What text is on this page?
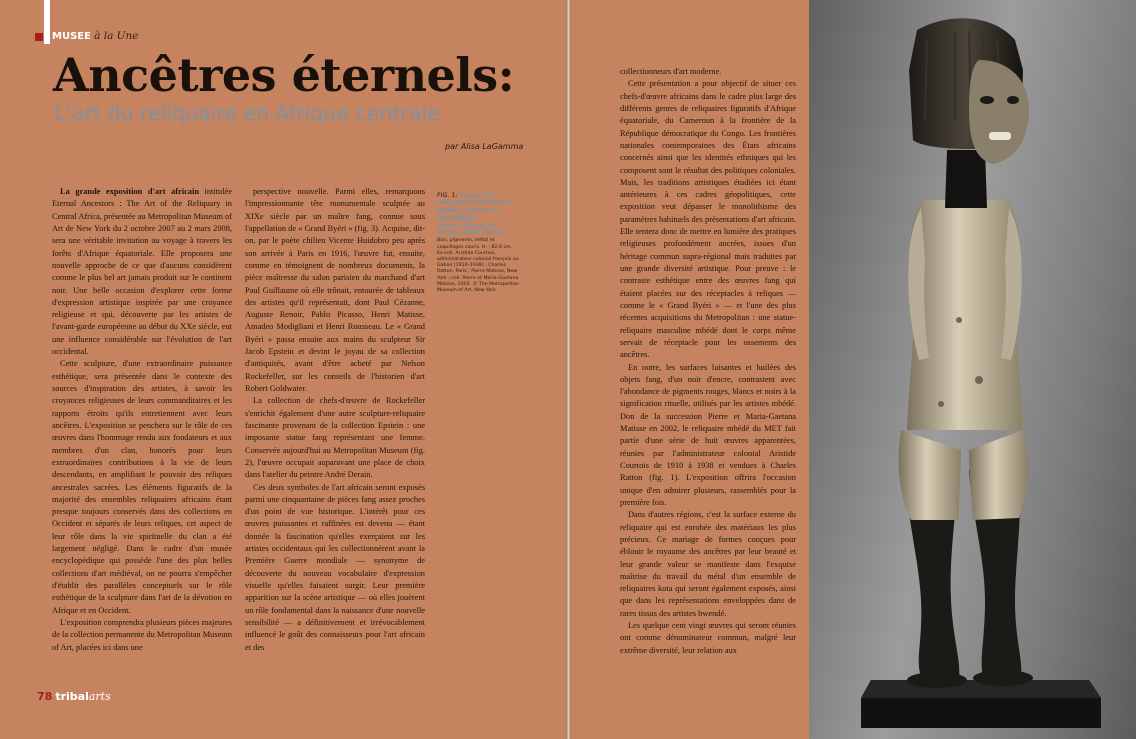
MUSEE à la Une
Ancêtres éternels:
L'art du reliquaire en Afrique centrale
par Alisa LaGamma

La grande exposition d'art africain intitulée Eternal Ancestors : The Art of the Reliquary in Central Africa, présentée au Metropolitan Museum of Art de New York du 2 octobre 2007 au 2 mars 2008, sera une véritable invitation au voyage à travers les forêts d'Afrique équatoriale. Elle proposera une nouvelle approche de ce que d'aucuns considèrent comme le plus bel art jamais produit sur le continent noir. Une belle occasion d'explorer cette forme d'expression artistique inspirée par une croyance religieuse et qui, découverte par les artistes de l'avant-garde européenne au début du XXe siècle, eut une influence considérable sur l'évolution de l'art occidental.

Cette sculpture, d'une extraordinaire puissance esthétique, sera présentée dans le contexte des sources d'inspiration des artistes, à savoir les croyances religieuses de leurs commanditaires et les rapports étroits qu'ils entretiennent avec leurs ancêtres. L'exposition se penchera sur le rôle de ces œuvres dans l'hommage rendu aux fondateurs et aux membres d'un clan, honorés pour leurs extraordinaires contributions à la vie de leurs descendants, en amplifiant le pouvoir des reliques ancestrales sacrées. Les éléments figuratifs de la majorité des ensembles reliquaires africains étant presque toujours conservés dans des collections en Occident et séparés de leurs reliques, cet aspect de leur rôle dans la vie spirituelle du clan a été largement négligé. Dans le cadre d'un musée encyclopédique qui possède l'une des plus belles collections d'art médiéval, on ne pourra s'empêcher d'établir des parallèles conceptuels sur le rôle esthétique de la sculpture dans l'art de la dévotion en Afrique et en Occident.

L'exposition comprendra plusieurs pièces majeures de la collection permanente du Metropolitan Museum of Art, placées ici dans une

perspective nouvelle. Parmi elles, remarquons l'impressionnante tête monumentale sculptée au XIXe siècle par un maître fang, connue sous l'appellation de « Grand Byéri » (fig. 3). Acquise, dit-on, par le poète chilien Vicente Huidobro peu après son arrivée à Paris en 1916, l'œuvre fut, ensuite, comme en témoignent de nombreux documents, la pièce maîtresse du salon parisien du marchand d'art Paul Guillaume où elle trônait, entourée de tableaux des artistes qu'il représentait, dont Paul Cézanne, Auguste Renoir, Pablo Picasso, Henri Matisse, Amadeo Modigliani et Henri Rousseau. Le « Grand Byéri » passa ensuite aux mains du sculpteur Sir Jacob Epstein et devint le joyau de sa collection d'antiquités, avant d'être acheté par Nelson Rockefeller, sur les conseils de l'historien d'art Robert Goldwater.

La collection de chefs-d'œuvre de Rockefeller s'enrichit également d'une autre sculpture-reliquaire fascinante provenant de la collection Epstein : une imposante statue fang représentant une femme. Conservée aujourd'hui au Metropolitan Museum (fig. 2), l'œuvre occupait auparavant une place de choix dans l'atelier du peintre André Derain.

Ces deux symboles de l'art africain seront exposés parmi une cinquantaine de pièces fang assez proches d'un point de vue historique. L'intérêt pour ces œuvres puissantes et raffinées est devenu — étant donnée la fascination qu'elles exerçaient sur les artistes occidentaux qui les collectionnèrent avant la Première Guerre mondiale — synonyme de découverte du nouveau vocabulaire d'expression visuelle qu'elles faisaient surgir. Leur première apparition sur la scène artistique — où elles jouèrent un rôle fondamental dans la naissance d'une nouvelle sensibilité — a définitivement et irrévocablement influencé le goût des connaisseurs pour l'art africain et des

FIG. 1: Figure de reliquaire masculine. Mbédé, Gabon ou République démocratique du Congo, XIXe siècle.
Bois, pigments, métal et coquillages cauris. H. : 82,6 cm. Ex-coll. Aristide Courtois, administrateur colonial français au Gabon (1910–1938) ; Charles Ratton, Paris ; Pierre Matisse, New York ; coll. Pierre et Marie-Gaetana Matisse, 2002. © The Metropolitan Museum of Art, New York.
78 tribalarts

collectionneurs d'art moderne.

Cette présentation a pour objectif de situer ces chefs-d'œuvre africains dans le cadre plus large des différents genres de reliquaires figuratifs d'Afrique équatoriale, du Cameroun à la frontière de la République démocratique du Congo. Les frontières nationales contemporaines des États africains concernés ainsi que les identités ethniques qui les composent sont le résultat des politiques coloniales. Mais, les traditions artistiques étudiées ici étant antérieures à ces cadres géopolitiques, cette exposition veut dépasser le monolithisme des paramètres habituels des présentations d'art africain. Elle tentera donc de mettre en lumière des pratiques religieuses profondément ancrées, issues d'un héritage commun supra-régional mais traduites par une grande diversité artistique. Pour preuve : le contraste esthétique entre des œuvres fang qui étaient placées sur des réceptacles à reliques — comme le « Grand Byéri » — et l'une des plus récentes acquisitions du Metropolitan : une statue-reliquaire masculine mbédé dont le corps même servait de réceptacle pour les ossements des ancêtres.

En outre, les surfaces luisantes et huilées des objets fang, d'un noir d'encre, contrastent avec l'abondance de pigments rouges, blancs et noirs à la signification rituelle, utilisés par les artistes mbédé. Don de la succession Pierre et Maria-Gaetana Matisse en 2002, le reliquaire mbédé du MET fait partie d'une série de huit œuvres apparentées, réunies par l'administrateur colonial Aristide Courtois de 1910 à 1938 et vendues à Charles Ratton (fig. 1). L'exposition offrira l'occasion unique d'en admirer plusieurs, rassemblés pour la première fois.

Dans d'autres régions, c'est la surface externe du reliquaire qui est enrobée des matériaux les plus précieux. Ce mariage de formes conçues pour éblouir le royaume des ancêtres par leur beauté et leur grande valeur se manifeste dans l'exquise maîtrise du travail du métal d'un ensemble de reliquaires kota qui seront également exposés, ainsi que dans les représentations enveloppées dans de rares tissus des artistes bwendé.

Les quelque cent vingt œuvres qui seront réunies ont comme dénominateur commun, malgré leur extrême diversité, leur relation aux
